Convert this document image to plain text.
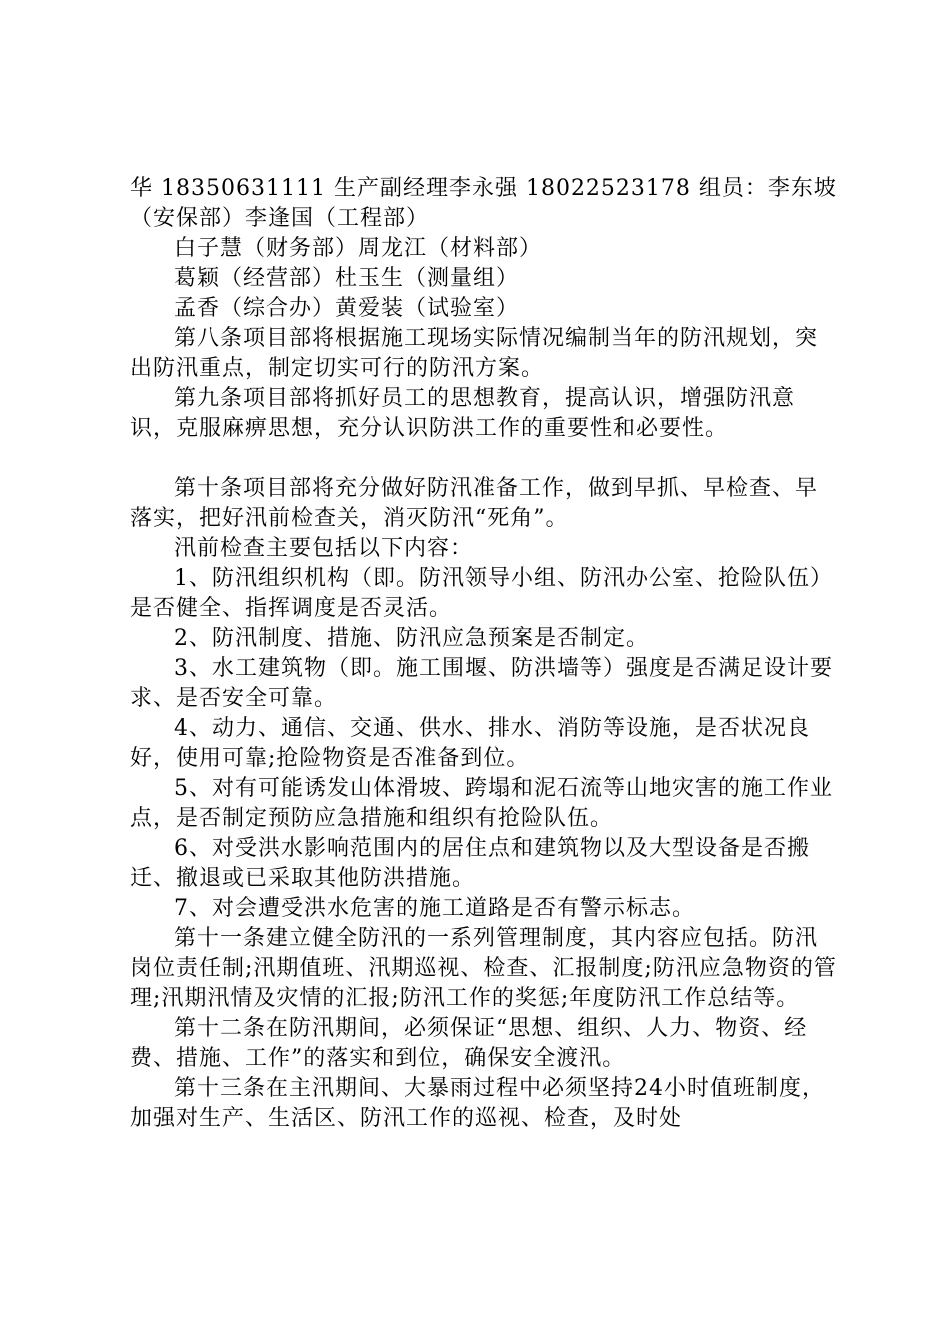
华 18350631111 生产副经理李永强 18022523178 组员：李东坡（安保部）李逢国（工程部）

白子慧（财务部）周龙江（材料部）

葛颖（经营部）杜玉生（测量组）

孟香（综合办）黄爱装（试验室）

第八条项目部将根据施工现场实际情况编制当年的防汛规划，突出防汛重点，制定切实可行的防汛方案。

第九条项目部将抓好员工的思想教育，提高认识，增强防汛意识，克服麻痹思想，充分认识防洪工作的重要性和必要性。

第十条项目部将充分做好防汛准备工作，做到早抓、早检查、早落实，把好汛前检查关，消灭防汛“死角”。

汛前检查主要包括以下内容：

1、防汛组织机构（即。防汛领导小组、防汛办公室、抢险队伍）是否健全、指挥调度是否灵活。

2、防汛制度、措施、防汛应急预案是否制定。

3、水工建筑物（即。施工围堰、防洪墙等）强度是否满足设计要求、是否安全可靠。

4、动力、通信、交通、供水、排水、消防等设施，是否状况良好，使用可靠;抢险物资是否准备到位。

5、对有可能诱发山体滑坡、跨塌和泥石流等山地灾害的施工作业点，是否制定预防应急措施和组织有抢险队伍。

6、对受洪水影响范围内的居住点和建筑物以及大型设备是否搬迁、撤退或已采取其他防洪措施。

7、对会遭受洪水危害的施工道路是否有警示标志。

第十一条建立健全防汛的一系列管理制度，其内容应包括。防汛岗位责任制;汛期值班、汛期巡视、检查、汇报制度;防汛应急物资的管理;汛期汛情及灾情的汇报;防汛工作的奖惩;年度防汛工作总结等。

第十二条在防汛期间，必须保证“思想、组织、人力、物资、经费、措施、工作”的落实和到位，确保安全渡汛。

第十三条在主汛期间、大暴雨过程中必须坚持24小时值班制度，加强对生产、生活区、防汛工作的巡视、检查，及时处
